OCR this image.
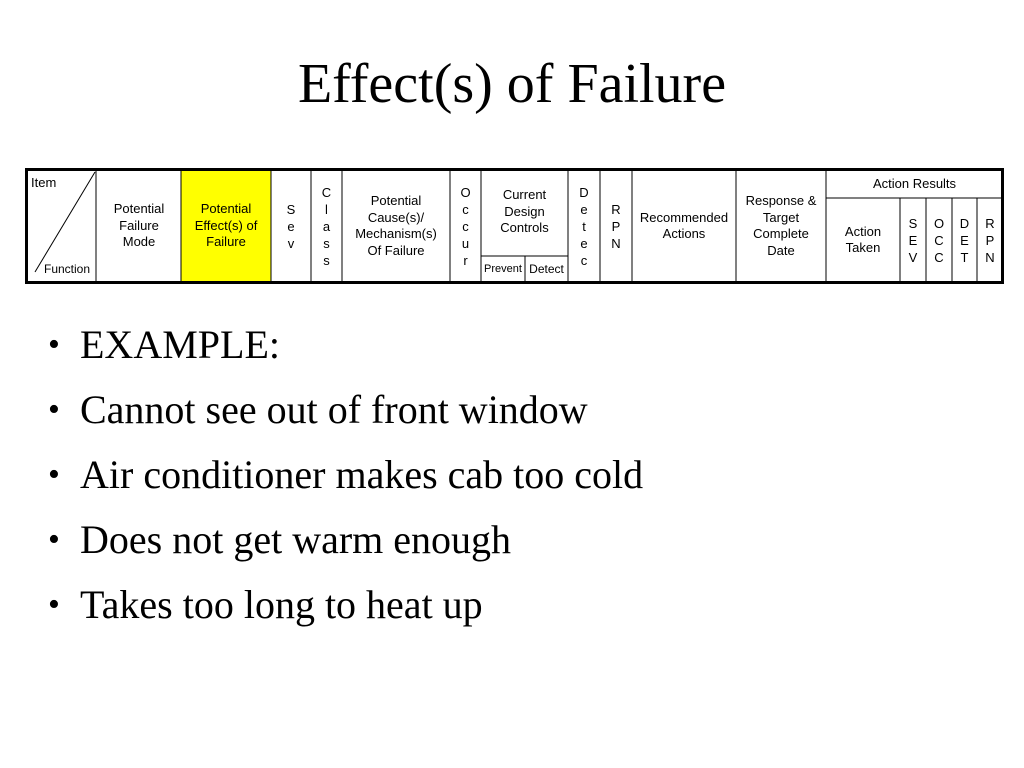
Effect(s) of Failure
Item
Function
Potential
Failure
Mode
Potential
Effect(s) of
Failure
S
e
v
C
l
a
s
s
Potential
Cause(s)/
Mechanism(s)
Of Failure
O
c
c
u
r
Current
Design
Controls
Prevent Detect
D
e
t
e
c
R
P
N
Recommended
Actions
Response &
Target
Complete
Date
Action Results
Action
Taken
S
E
V
O
C
C
D
E
T
R
P
N
• EXAMPLE:
• Cannot see out of front window
• Air conditioner makes cab too cold
• Does not get warm enough
• Takes too long to heat up
